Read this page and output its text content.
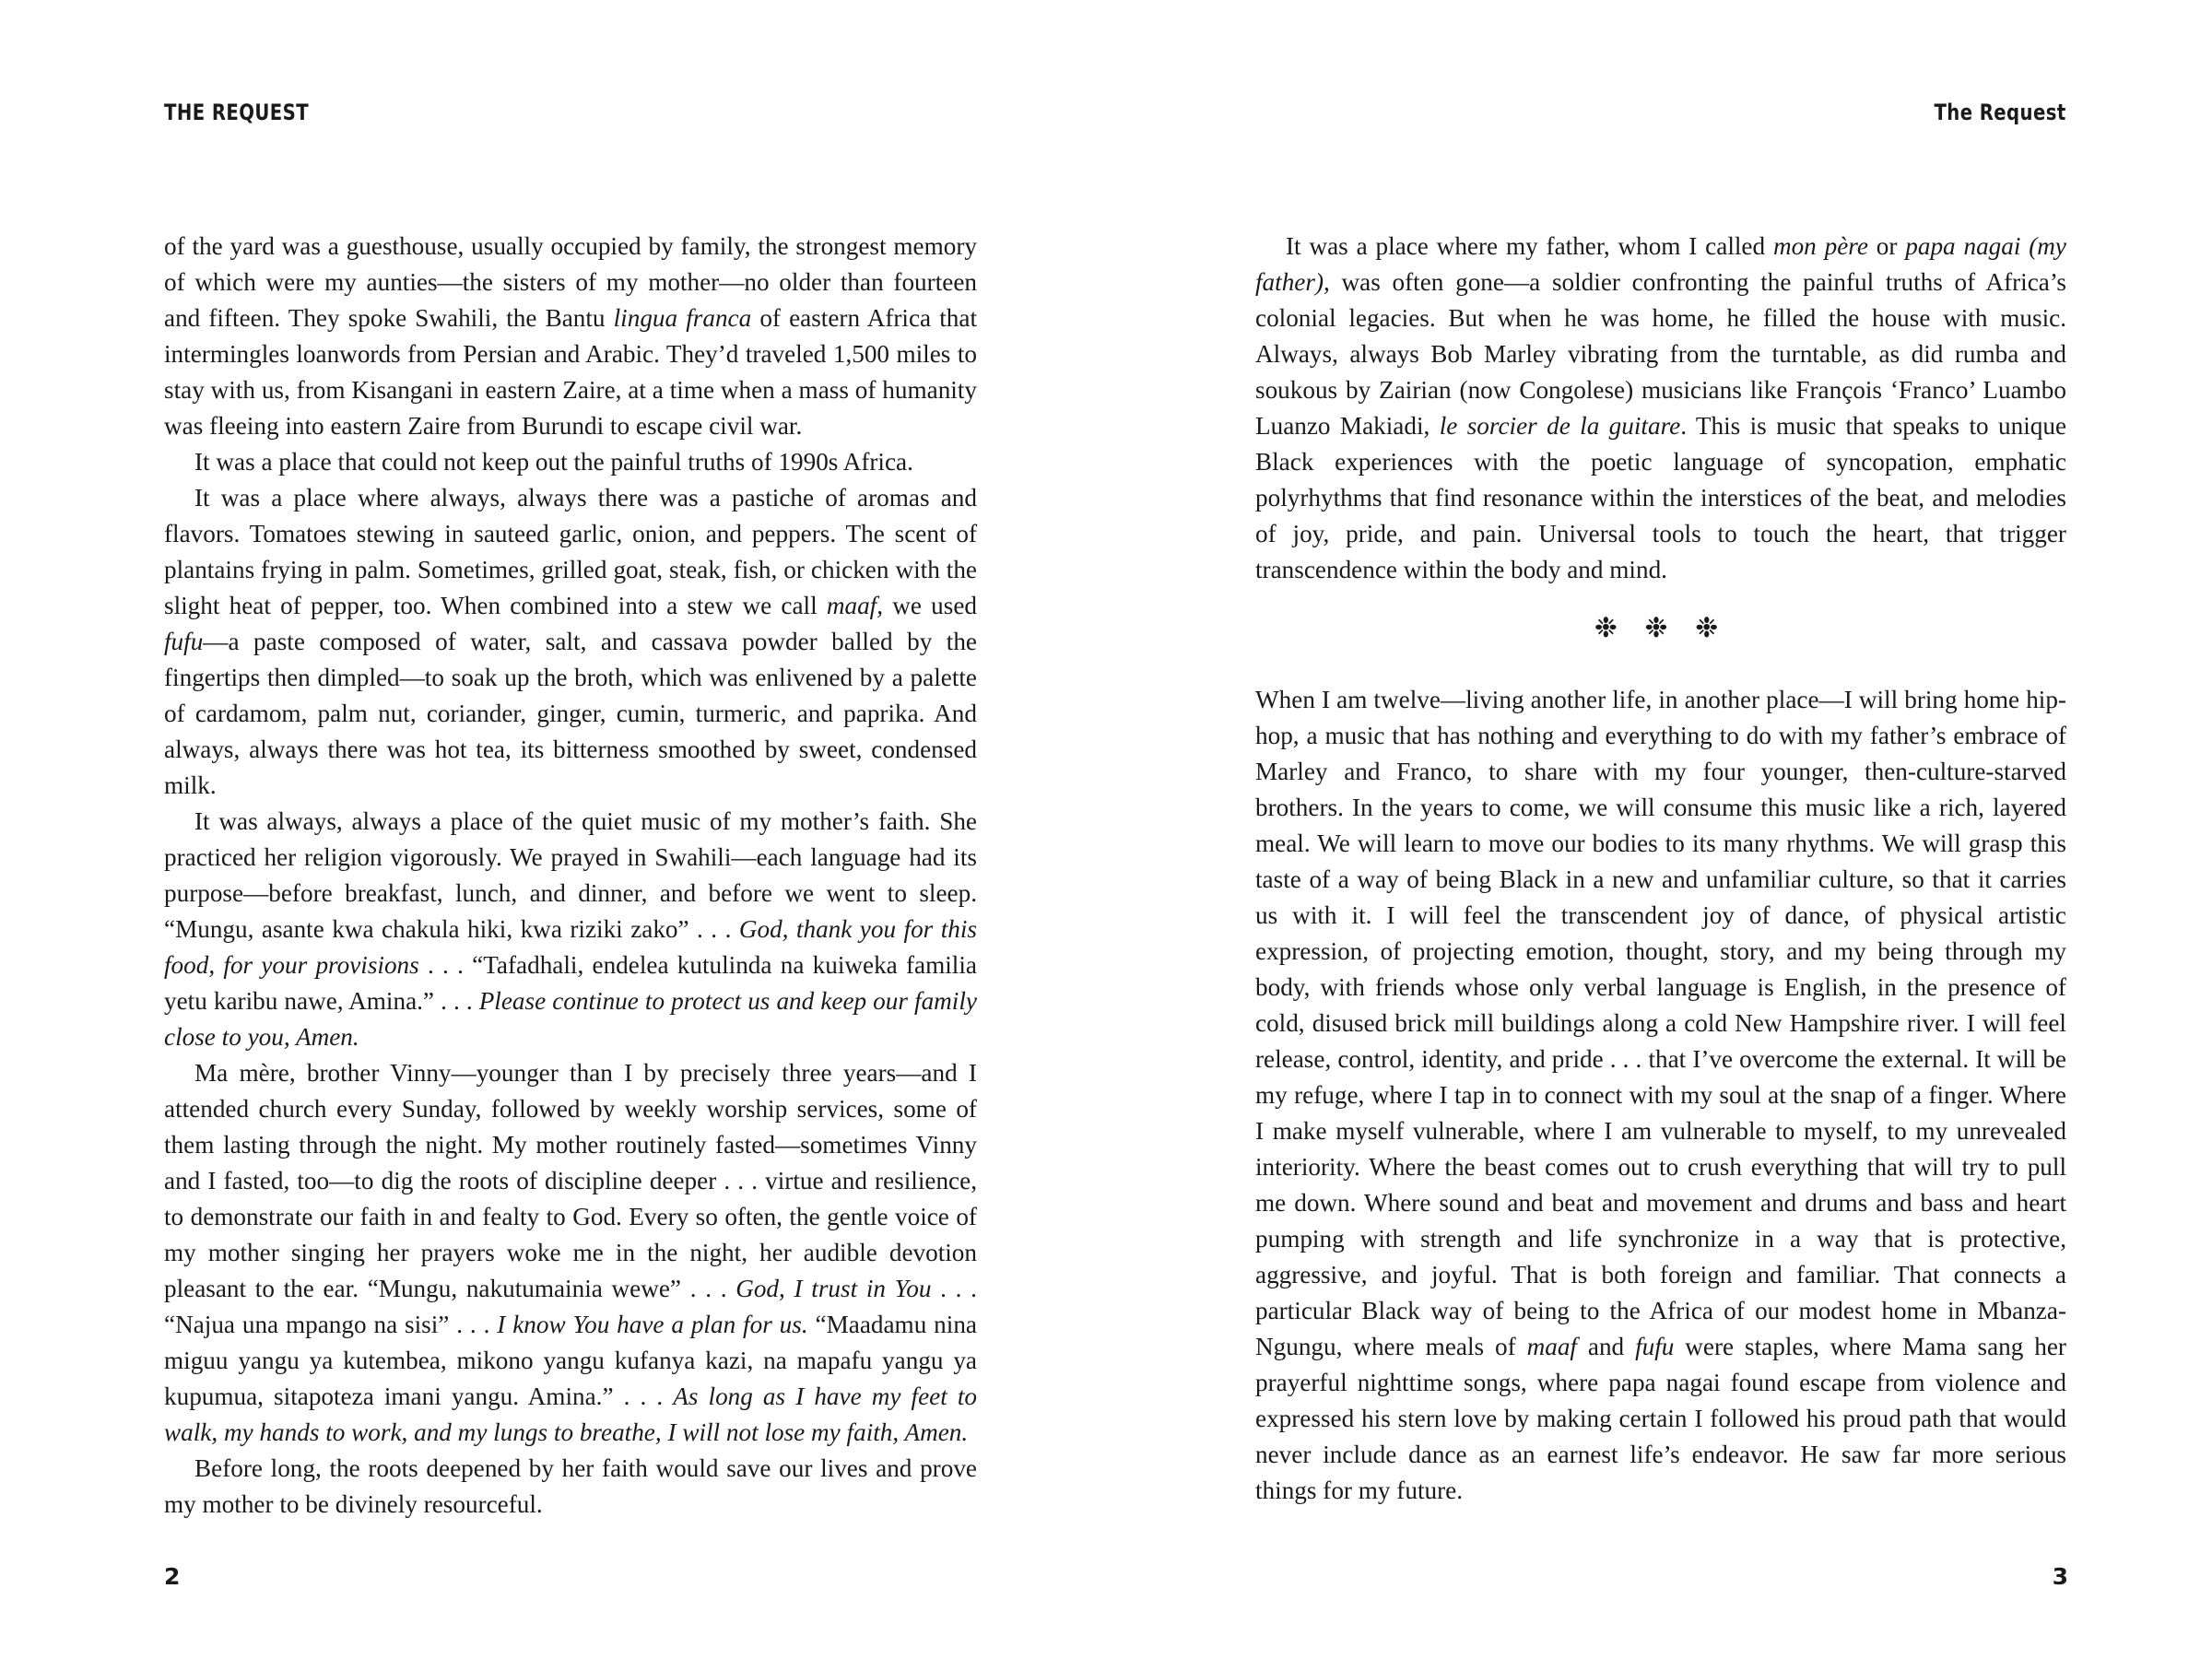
THE REQUEST

of the yard was a guesthouse, usually occupied by family, the strongest memory of which were my aunties—the sisters of my mother—no older than fourteen and fifteen. They spoke Swahili, the Bantu lingua franca of eastern Africa that intermingles loanwords from Persian and Arabic. They’d traveled 1,500 miles to stay with us, from Kisangani in eastern Zaire, at a time when a mass of humanity was fleeing into eastern Zaire from Burundi to escape civil war.

It was a place that could not keep out the painful truths of 1990s Africa.

It was a place where always, always there was a pastiche of aromas and flavors. Tomatoes stewing in sauteed garlic, onion, and peppers. The scent of plantains frying in palm. Sometimes, grilled goat, steak, fish, or chicken with the slight heat of pepper, too. When combined into a stew we call maaf, we used fufu—a paste composed of water, salt, and cassava powder balled by the fingertips then dimpled—to soak up the broth, which was enlivened by a palette of cardamom, palm nut, coriander, ginger, cumin, turmeric, and paprika. And always, always there was hot tea, its bitterness smoothed by sweet, condensed milk.

It was always, always a place of the quiet music of my mother’s faith. She practiced her religion vigorously. We prayed in Swahili—each language had its purpose—before breakfast, lunch, and dinner, and before we went to sleep. “Mungu, asante kwa chakula hiki, kwa riziki zako” . . . God, thank you for this food, for your provisions . . . “Tafadhali, endelea kutulinda na kuiweka familia yetu karibu nawe, Amina.” . . . Please continue to protect us and keep our family close to you, Amen.

Ma mère, brother Vinny—younger than I by precisely three years—and I attended church every Sunday, followed by weekly worship services, some of them lasting through the night. My mother routinely fasted—sometimes Vinny and I fasted, too—to dig the roots of discipline deeper . . . virtue and resilience, to demonstrate our faith in and fealty to God. Every so often, the gentle voice of my mother singing her prayers woke me in the night, her audible devotion pleasant to the ear. “Mungu, nakutumainia wewe” . . . God, I trust in You . . . “Najua una mpango na sisi” . . . I know You have a plan for us. “Maadamu nina miguu yangu ya kutembea, mikono yangu kufanya kazi, na mapafu yangu ya kupumua, sitapoteza imani yangu. Amina.” . . . As long as I have my feet to walk, my hands to work, and my lungs to breathe, I will not lose my faith, Amen.

Before long, the roots deepened by her faith would save our lives and prove my mother to be divinely resourceful.

2
The Request

It was a place where my father, whom I called mon père or papa nagai (my father), was often gone—a soldier confronting the painful truths of Africa’s colonial legacies. But when he was home, he filled the house with music. Always, always Bob Marley vibrating from the turntable, as did rumba and soukous by Zairian (now Congolese) musicians like François ‘Franco’ Luambo Luanzo Makiadi, le sorcier de la guitare. This is music that speaks to unique Black experiences with the poetic language of syncopation, emphatic polyrhythms that find resonance within the interstices of the beat, and melodies of joy, pride, and pain. Universal tools to touch the heart, that trigger transcendence within the body and mind.

❉ ❉ ❉

When I am twelve—living another life, in another place—I will bring home hip-hop, a music that has nothing and everything to do with my father’s embrace of Marley and Franco, to share with my four younger, then-culture-starved brothers. In the years to come, we will consume this music like a rich, layered meal. We will learn to move our bodies to its many rhythms. We will grasp this taste of a way of being Black in a new and unfamiliar culture, so that it carries us with it. I will feel the transcendent joy of dance, of physical artistic expression, of projecting emotion, thought, story, and my being through my body, with friends whose only verbal language is English, in the presence of cold, disused brick mill buildings along a cold New Hampshire river. I will feel release, control, identity, and pride . . . that I’ve overcome the external. It will be my refuge, where I tap in to connect with my soul at the snap of a finger. Where I make myself vulnerable, where I am vulnerable to myself, to my unrevealed interiority. Where the beast comes out to crush everything that will try to pull me down. Where sound and beat and movement and drums and bass and heart pumping with strength and life synchronize in a way that is protective, aggressive, and joyful. That is both foreign and familiar. That connects a particular Black way of being to the Africa of our modest home in Mbanza-Ngungu, where meals of maaf and fufu were staples, where Mama sang her prayerful nighttime songs, where papa nagai found escape from violence and expressed his stern love by making certain I followed his proud path that would never include dance as an earnest life’s endeavor. He saw far more serious things for my future.

3
